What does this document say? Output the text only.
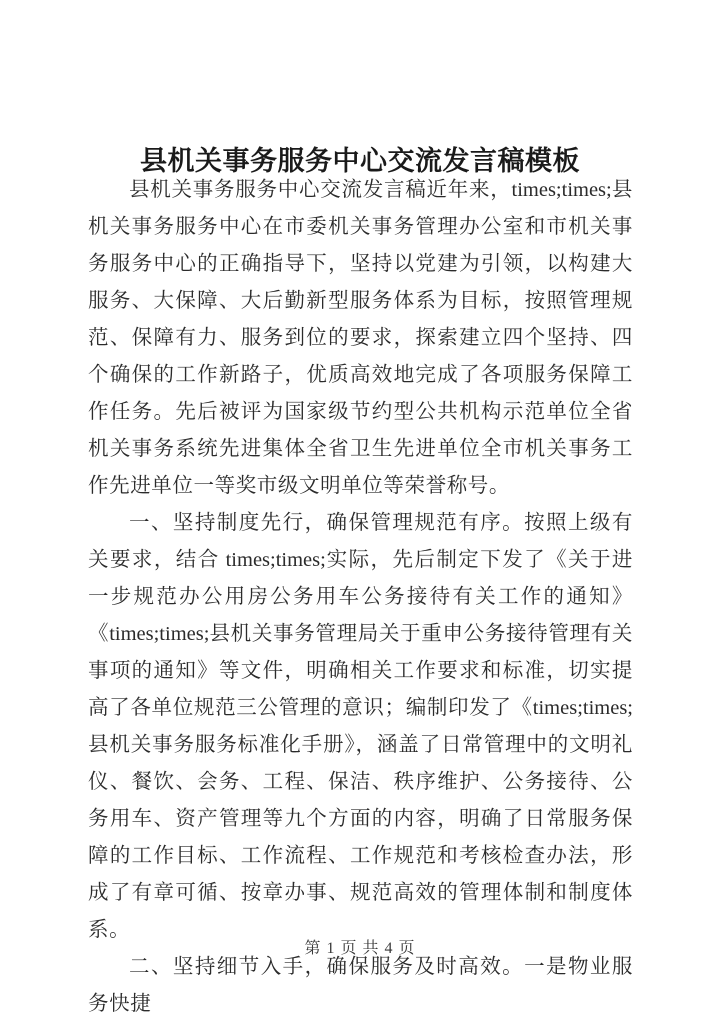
县机关事务服务中心交流发言稿模板

县机关事务服务中心交流发言稿近年来，times;times;县机关事务服务中心在市委机关事务管理办公室和市机关事务服务中心的正确指导下，坚持以党建为引领，以构建大服务、大保障、大后勤新型服务体系为目标，按照管理规范、保障有力、服务到位的要求，探索建立四个坚持、四个确保的工作新路子，优质高效地完成了各项服务保障工作任务。先后被评为国家级节约型公共机构示范单位全省机关事务系统先进集体全省卫生先进单位全市机关事务工作先进单位一等奖市级文明单位等荣誉称号。

一、坚持制度先行，确保管理规范有序。按照上级有关要求，结合 times;times;实际，先后制定下发了《关于进一步规范办公用房公务用车公务接待有关工作的通知》《times;times;县机关事务管理局关于重申公务接待管理有关事项的通知》等文件，明确相关工作要求和标准，切实提高了各单位规范三公管理的意识；编制印发了《times;times;县机关事务服务标准化手册》，涵盖了日常管理中的文明礼仪、餐饮、会务、工程、保洁、秩序维护、公务接待、公务用车、资产管理等九个方面的内容，明确了日常服务保障的工作目标、工作流程、工作规范和考核检查办法，形成了有章可循、按章办事、规范高效的管理体制和制度体系。

二、坚持细节入手，确保服务及时高效。一是物业服务快捷

第 1 页 共 4 页
